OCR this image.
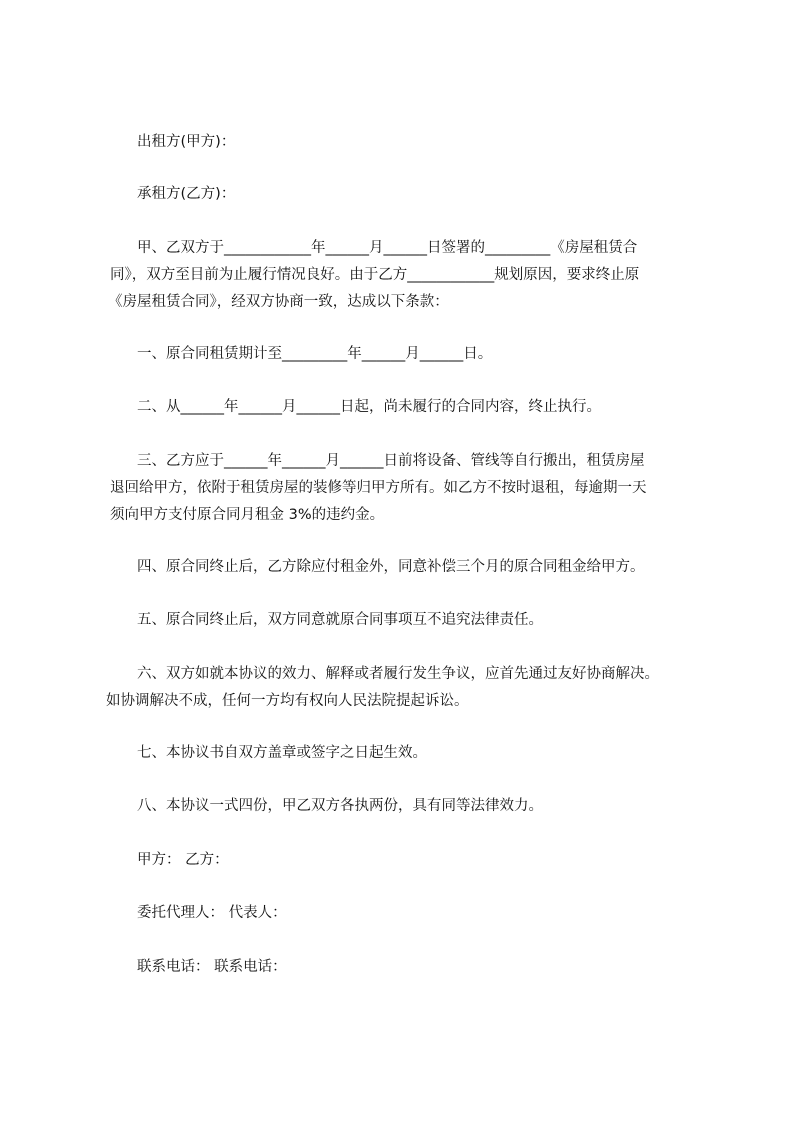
出租方(甲方)：
承租方(乙方)：
甲、乙双方于____________年______月______日签署的_________《房屋租赁合
同》，双方至目前为止履行情况良好。由于乙方____________规划原因，要求终止原
《房屋租赁合同》，经双方协商一致，达成以下条款：
一、原合同租赁期计至_________年______月______日。
二、从______年______月______日起，尚未履行的合同内容，终止执行。
三、乙方应于______年______月______日前将设备、管线等自行搬出，租赁房屋
退回给甲方，依附于租赁房屋的装修等归甲方所有。如乙方不按时退租，每逾期一天
须向甲方支付原合同月租金 3%的违约金。
四、原合同终止后，乙方除应付租金外，同意补偿三个月的原合同租金给甲方。
五、原合同终止后，双方同意就原合同事项互不追究法律责任。
六、双方如就本协议的效力、解释或者履行发生争议，应首先通过友好协商解决。
如协调解决不成，任何一方均有权向人民法院提起诉讼。
七、本协议书自双方盖章或签字之日起生效。
八、本协议一式四份，甲乙双方各执两份，具有同等法律效力。
甲方： 乙方：
委托代理人： 代表人：
联系电话： 联系电话：
